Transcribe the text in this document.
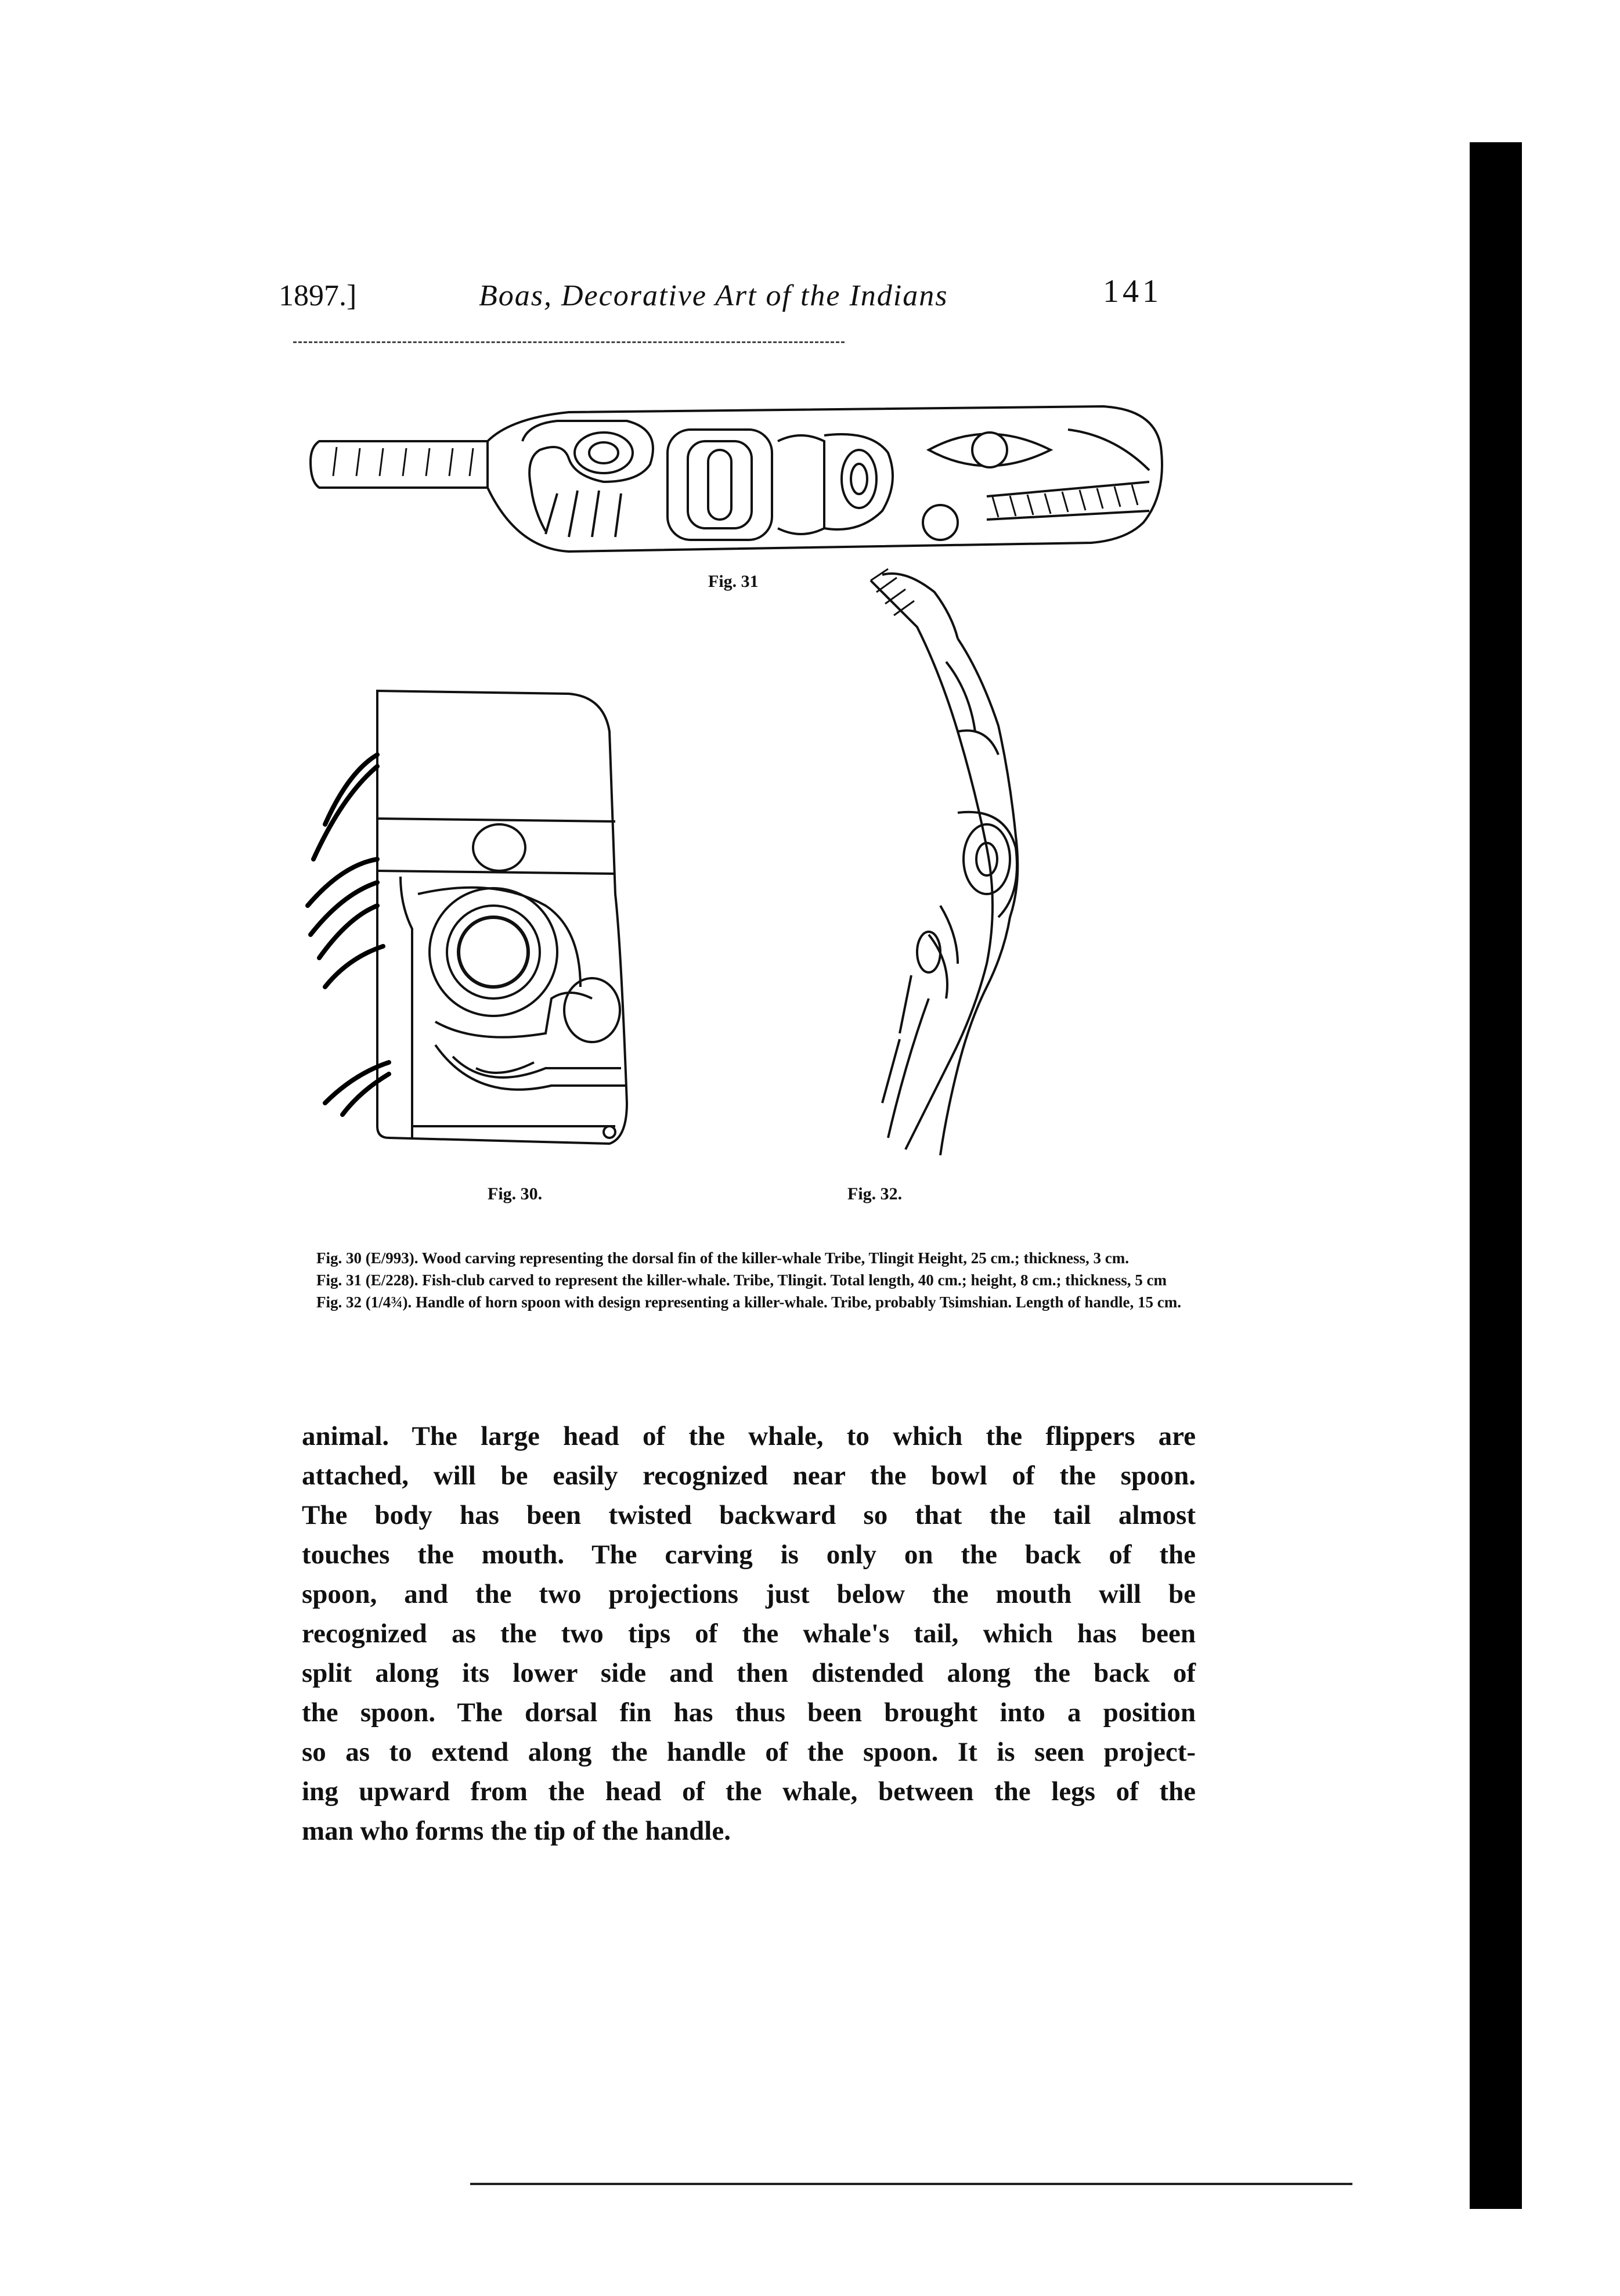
1897.]	Boas, Decorative Art of the Indians	141
Fig. 31
Fig. 30.	Fig. 32.

Fig. 30 (E/993). Wood carving representing the dorsal fin of the killer-whale Tribe, Tlingit Height, 25 cm.; thickness, 3 cm.

Fig. 31 (E/228). Fish-club carved to represent the killer-whale. Tribe, Tlingit. Total length, 40 cm.; height, 8 cm.; thickness, 5 cm

Fig. 32 (1/4¾). Handle of horn spoon with design representing a killer-whale. Tribe, probably Tsimshian. Length of handle, 15 cm.

animal. The large head of the whale, to which the flippers are
attached, will be easily recognized near the bowl of the spoon.
The body has been twisted backward so that the tail almost
touches the mouth. The carving is only on the back of the
spoon, and the two projections just below the mouth will be
recognized as the two tips of the whale's tail, which has been
split along its lower side and then distended along the back of
the spoon. The dorsal fin has thus been brought into a position
so as to extend along the handle of the spoon. It is seen project-
ing upward from the head of the whale, between the legs of the
man who forms the tip of the handle.
